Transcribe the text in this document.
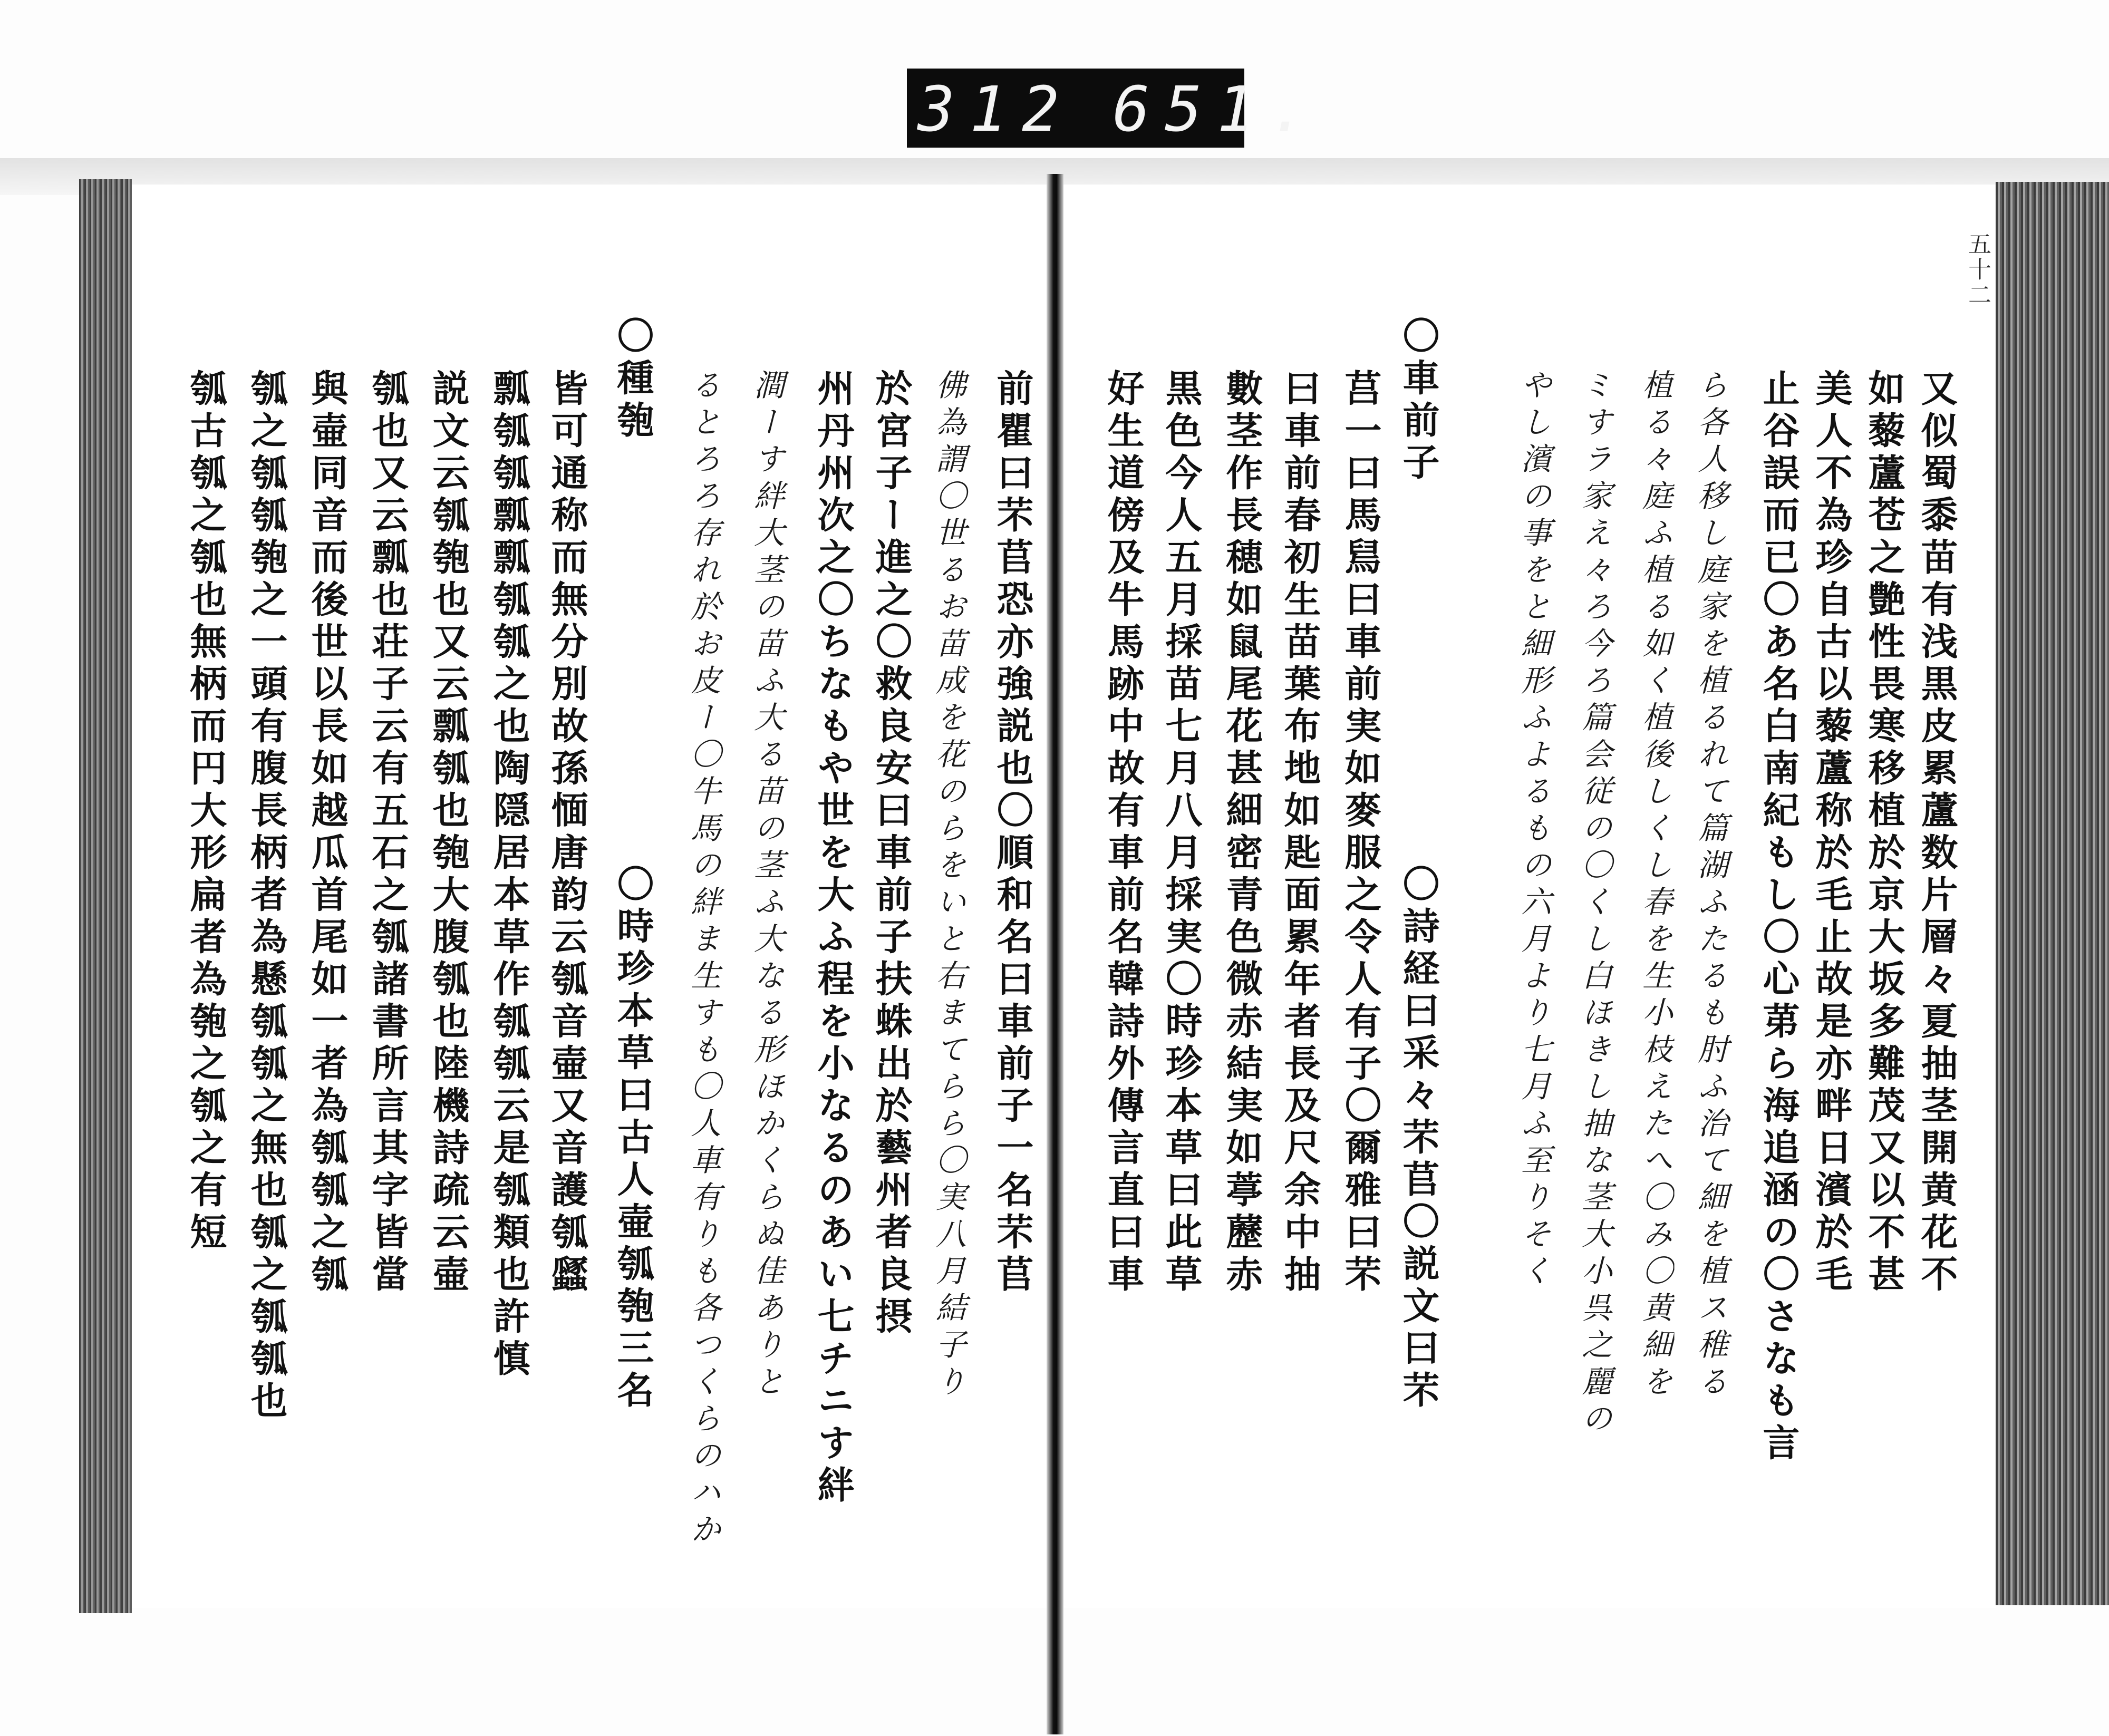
312 651.
五十二
又似蜀黍苗有浅黒皮累蘆数片層々夏抽茎開黄花不
如藜蘆苍之艶性畏寒移植於京大坂多難茂又以不甚
美人不為珍自古以藜蘆称於毛止故是亦畔日濱於毛
止谷誤而已〇あ名白南紀もし〇心苐ら海追涵の〇さなも言
ら各人移し庭家を植るれて篇湖ふたるも肘ふ治て細を植ス稚る
植る々庭ふ植る如く植後しくし春を生小枝えたへ〇み〇黄細を
ミすラ家え々ろ今ろ篇会従の〇くし白ほきし抽な茎大小呉之麗の
やし濱の事をと細形ふよるもの六月より七月ふ至りそく
〇詩経曰采々芣苢〇説文曰芣
〇車前子
莒一曰馬舃曰車前実如麥服之令人有子〇爾雅曰芣
曰車前春初生苗葉布地如匙面累年者長及尺余中抽
數茎作長穂如鼠尾花甚細密青色微赤結実如葶藶赤
黒色今人五月採苗七月八月採実〇時珍本草曰此草
好生道傍及牛馬跡中故有車前名韓詩外傳言直曰車
前瞿曰芣苢恐亦強説也〇順和名曰車前子一名芣苢
佛為謂〇世るお苗成を花のらをいと右まてらら〇実八月結子り
於宮子ー進之〇救良安曰車前子扶蛛出於藝州者良摂
州丹州次之〇ちなもや世を大ふ程を小なるのあい七チニす絆
澗ーす絆大茎の苗ふ大る苗の茎ふ大なる形ほかくらぬ佳ありと
るとろろ存れ於お皮ー〇牛馬の絆ま生すも〇人車有りも各つくらのハか
〇時珍本草曰古人壷瓠匏三名
〇種匏
皆可通称而無分別故孫愐唐韵云瓠音壷又音護瓠瓥
瓢瓠瓠瓢瓢瓠瓠之也陶隠居本草作瓠瓠云是瓠類也許慎
説文云瓠匏也又云瓢瓠也匏大腹瓠也陸機詩疏云壷
瓠也又云瓢也荘子云有五石之瓠諸書所言其字皆當
與壷同音而後世以長如越瓜首尾如一者為瓠瓠之瓠
瓠之瓠瓠匏之一頭有腹長柄者為懸瓠瓠之無也瓠之瓠瓠也
瓠古瓠之瓠也無柄而円大形扁者為匏之瓠之有短
